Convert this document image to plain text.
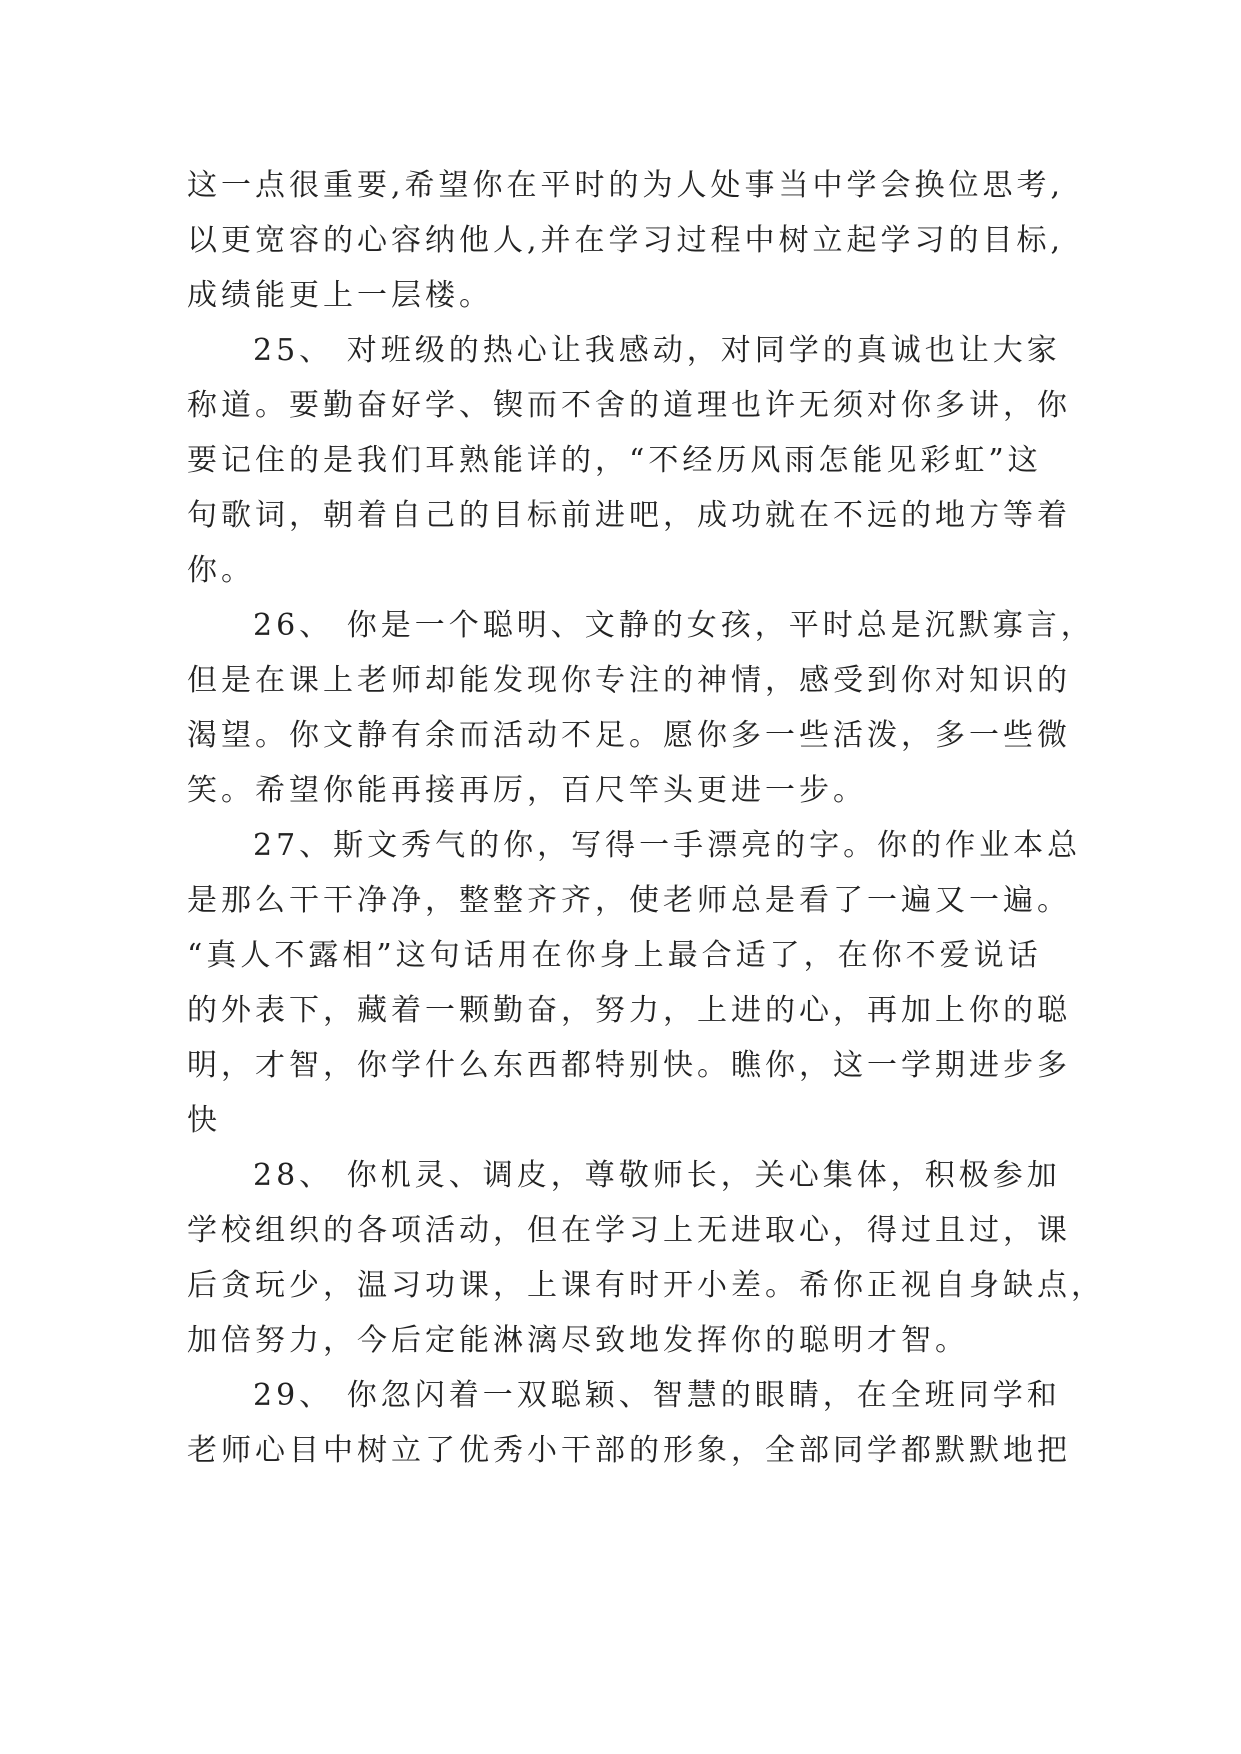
这一点很重要,希望你在平时的为人处事当中学会换位思考,
以更宽容的心容纳他人,并在学习过程中树立起学习的目标,
成绩能更上一层楼。

25、 对班级的热心让我感动，对同学的真诚也让大家
称道。要勤奋好学、锲而不舍的道理也许无须对你多讲，你
要记住的是我们耳熟能详的，“不经历风雨怎能见彩虹”这
句歌词，朝着自己的目标前进吧，成功就在不远的地方等着
你。

26、 你是一个聪明、文静的女孩，平时总是沉默寡言，
但是在课上老师却能发现你专注的神情，感受到你对知识的
渴望。你文静有余而活动不足。愿你多一些活泼，多一些微
笑。希望你能再接再厉，百尺竿头更进一步。

27、斯文秀气的你，写得一手漂亮的字。你的作业本总
是那么干干净净，整整齐齐，使老师总是看了一遍又一遍。
“真人不露相”这句话用在你身上最合适了，在你不爱说话
的外表下，藏着一颗勤奋，努力，上进的心，再加上你的聪
明，才智，你学什么东西都特别快。瞧你，这一学期进步多
快

28、 你机灵、调皮，尊敬师长，关心集体，积极参加
学校组织的各项活动，但在学习上无进取心，得过且过，课
后贪玩少，温习功课，上课有时开小差。希你正视自身缺点，
加倍努力，今后定能淋漓尽致地发挥你的聪明才智。

29、 你忽闪着一双聪颖、智慧的眼睛，在全班同学和
老师心目中树立了优秀小干部的形象，全部同学都默默地把
